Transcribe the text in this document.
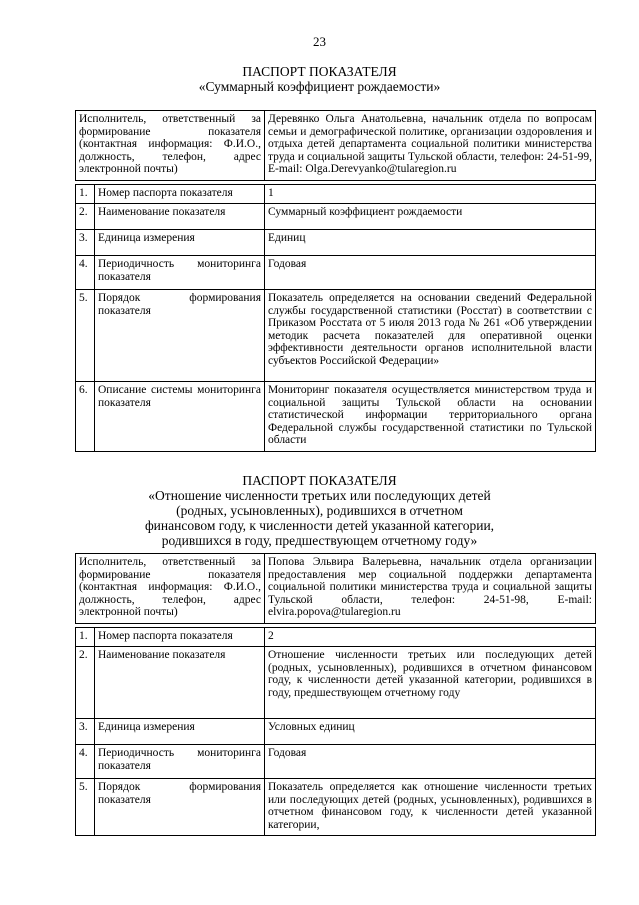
23
ПАСПОРТ ПОКАЗАТЕЛЯ
«Суммарный коэффициент рождаемости»
Исполнитель, ответственный за формирование показателя (контактная информация: Ф.И.О., должность, телефон, адрес электронной почты)		Деревянко Ольга Анатольевна, начальник отдела по вопросам семьи и демографической политике, организации оздоровления и отдыха детей департамента социальной политики министерства труда и социальной защиты Тульской области, телефон: 24-51-99, E-mail: Olga.Derevyanko@tularegion.ru

1.	Номер паспорта показателя	1
2.	Наименование показателя	Суммарный коэффициент рождаемости
3.	Единица измерения	Единиц
4.	Периодичность мониторинга показателя	Годовая
5.	Порядок формирования показателя	Показатель определяется на основании сведений Федеральной службы государственной статистики (Росстат) в соответствии с Приказом Росстата от 5 июля 2013 года № 261 «Об утверждении методик расчета показателей для оперативной оценки эффективности деятельности органов исполнительной власти субъектов Российской Федерации»
6.	Описание системы мониторинга показателя	Мониторинг показателя осуществляется министерством труда и социальной защиты Тульской области на основании статистической информации территориального органа Федеральной службы государственной статистики по Тульской области
ПАСПОРТ ПОКАЗАТЕЛЯ
«Отношение численности третьих или последующих детей
(родных, усыновленных), родившихся в отчетном
финансовом году, к численности детей указанной категории,
родившихся в году, предшествующем отчетному году»
Исполнитель, ответственный за формирование показателя (контактная информация: Ф.И.О., должность, телефон, адрес электронной почты)		Попова Эльвира Валерьевна, начальник отдела организации предоставления мер социальной поддержки департамента социальной политики министерства труда и социальной защиты Тульской области, телефон: 24-51-98, E-mail: elvira.popova@tularegion.ru

1.	Номер паспорта показателя	2
2.	Наименование показателя	Отношение численности третьих или последующих детей (родных, усыновленных), родившихся в отчетном финансовом году, к численности детей указанной категории, родившихся в году, предшествующем отчетному году
3.	Единица измерения	Условных единиц
4.	Периодичность мониторинга показателя	Годовая
5.	Порядок формирования показателя	Показатель определяется как отношение численности третьих или последующих детей (родных, усыновленных), родившихся в отчетном финансовом году, к численности детей указанной категории,
